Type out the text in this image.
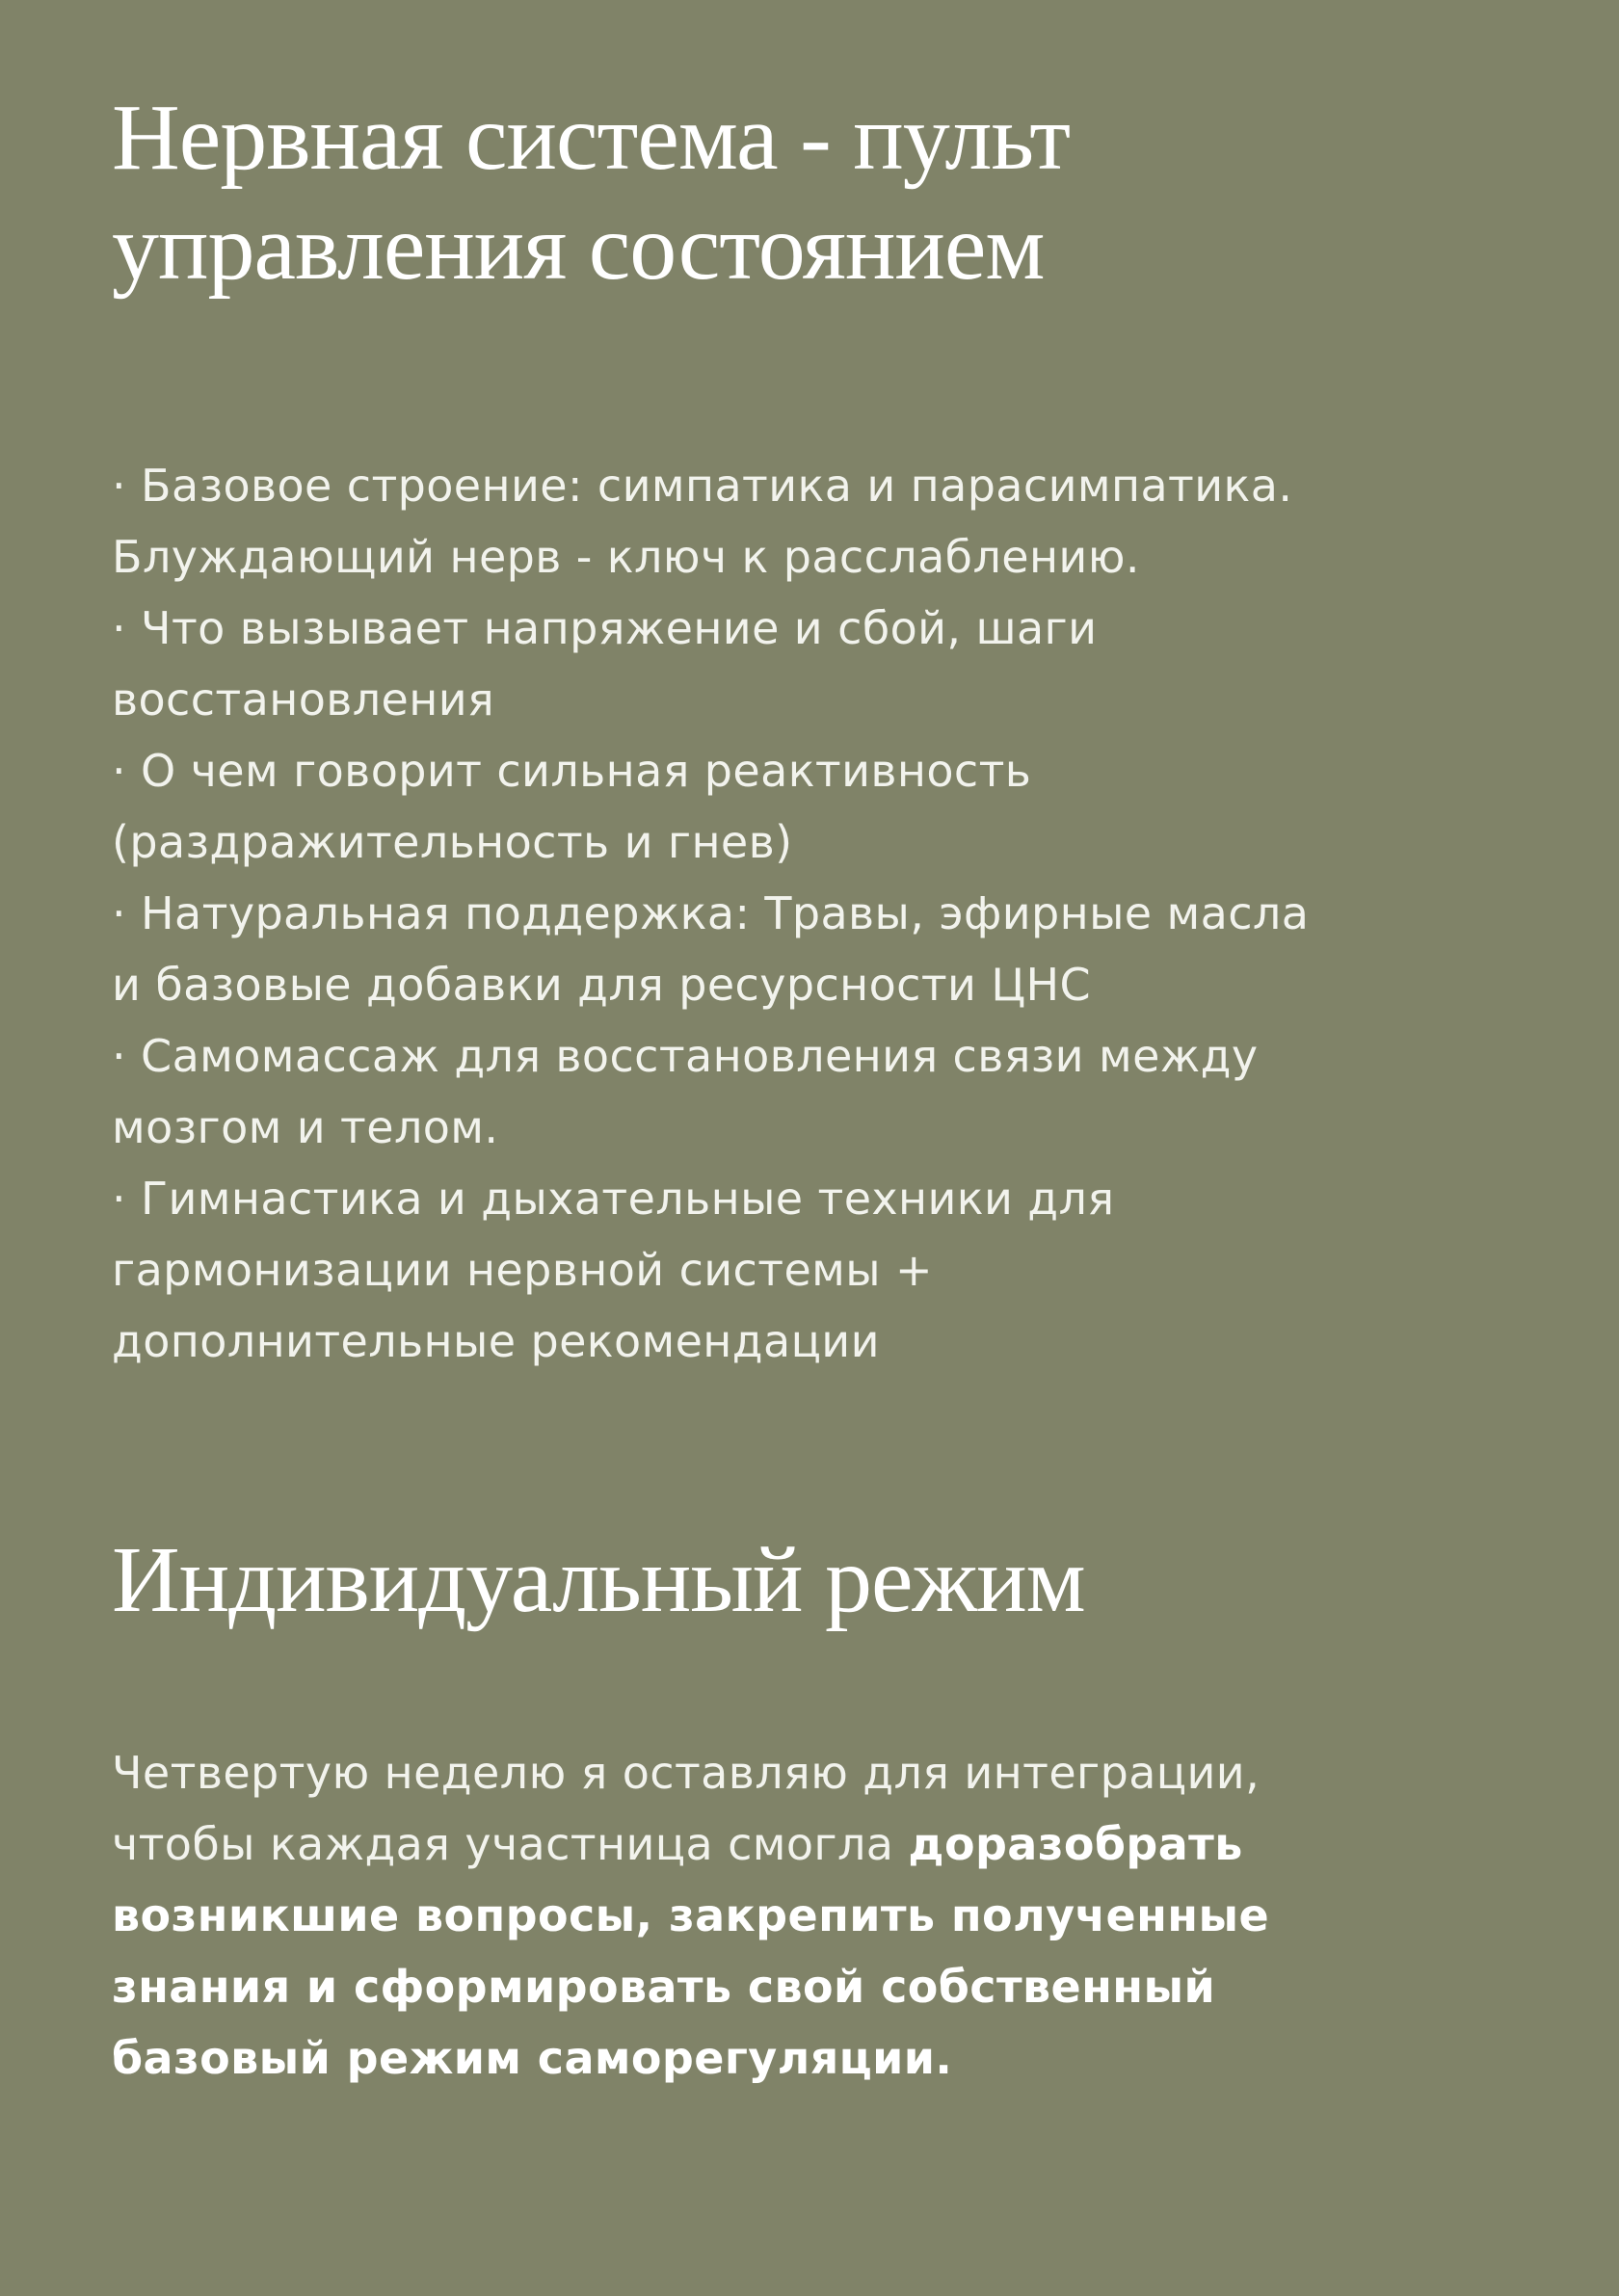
Нервная система - пульт
управления состоянием
· Базовое строение: симпатика и парасимпатика.
Блуждающий нерв - ключ к расслаблению.
· Что вызывает напряжение и сбой, шаги
восстановления
· О чем говорит сильная реактивность
(раздражительность и гнев)
· Натуральная поддержка: Травы, эфирные масла
и базовые добавки для ресурсности ЦНС
· Самомассаж для восстановления связи между
мозгом и телом.
· Гимнастика и дыхательные техники для
гармонизации нервной системы +
дополнительные рекомендации
Индивидуальный режим

Четвертую неделю я оставляю для интеграции,
чтобы каждая участница смогла доразобрать
возникшие вопросы, закрепить полученные
знания и сформировать свой собственный
базовый режим саморегуляции.
